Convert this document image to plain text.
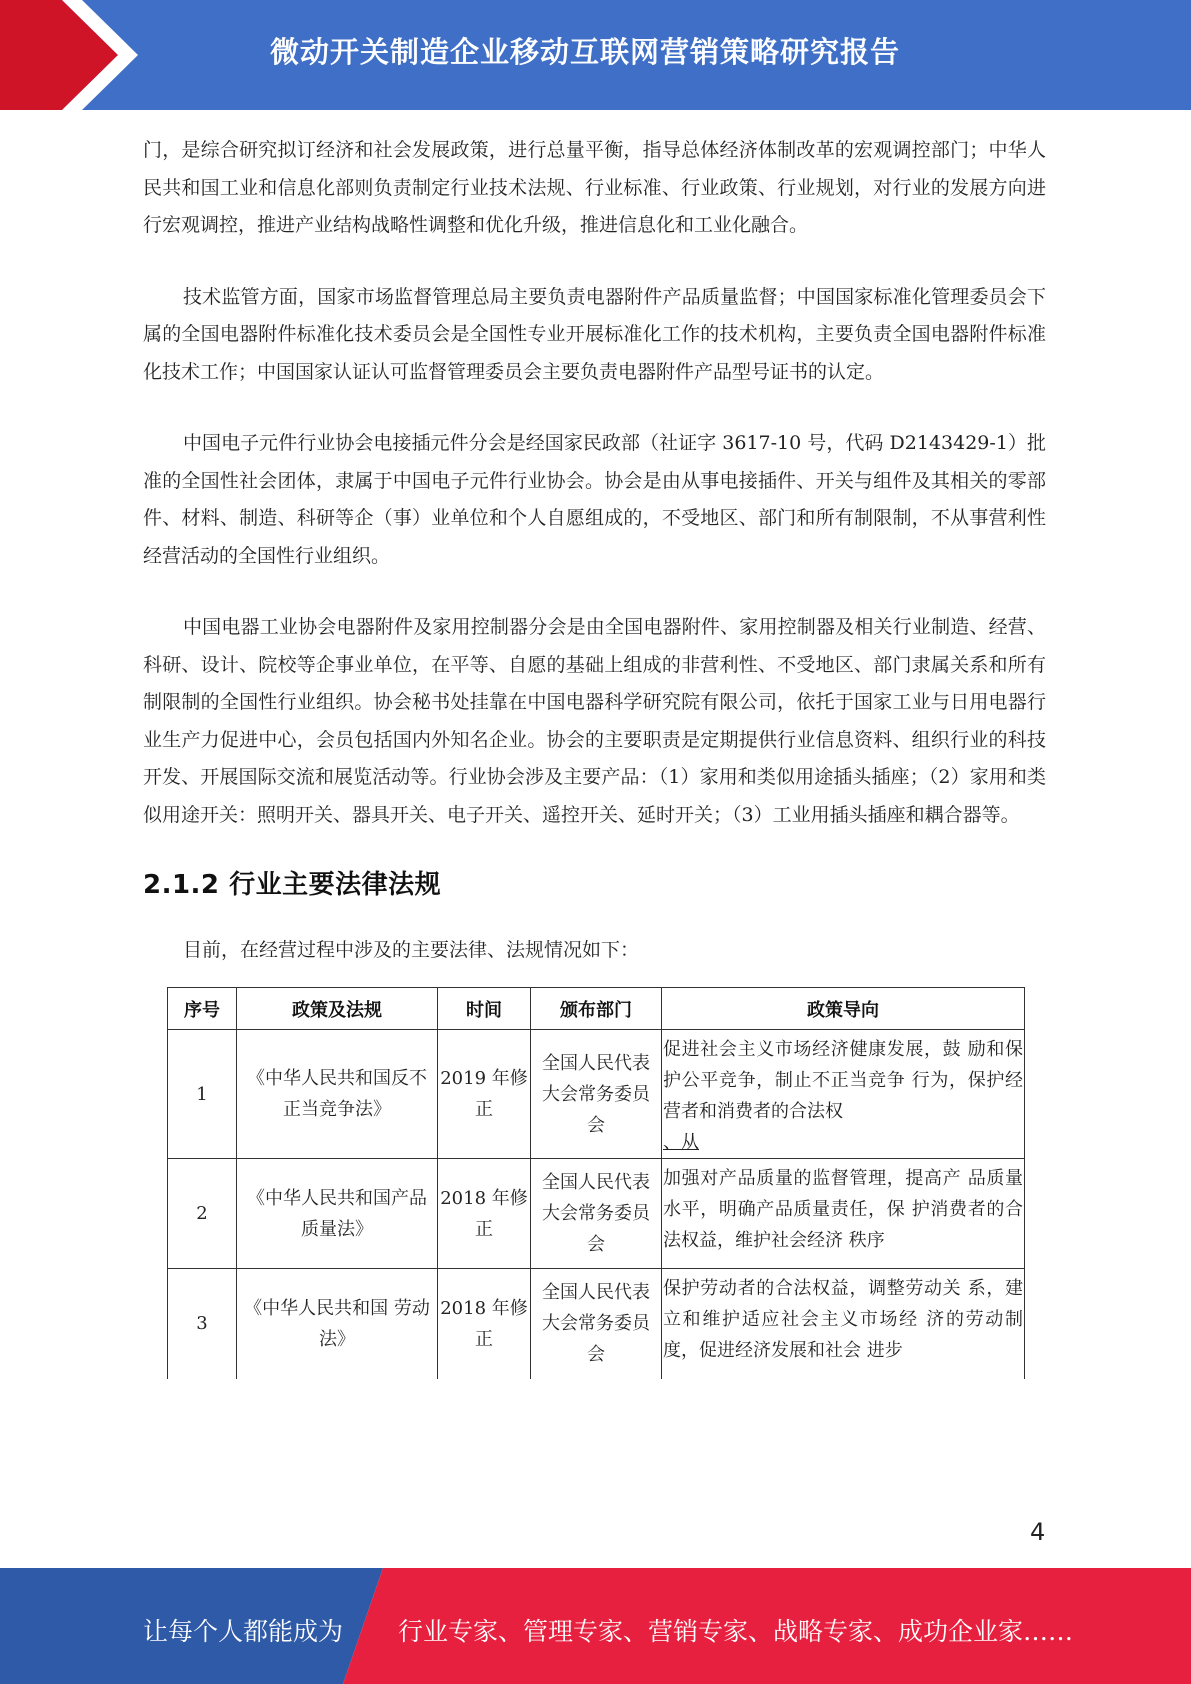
微动开关制造企业移动互联网营销策略研究报告

门，是综合研究拟订经济和社会发展政策，进行总量平衡，指导总体经济体制改革的宏观调控部门；中华人民共和国工业和信息化部则负责制定行业技术法规、行业标准、行业政策、行业规划，对行业的发展方向进行宏观调控，推进产业结构战略性调整和优化升级，推进信息化和工业化融合。

技术监管方面，国家市场监督管理总局主要负责电器附件产品质量监督；中国国家标准化管理委员会下属的全国电器附件标准化技术委员会是全国性专业开展标准化工作的技术机构，主要负责全国电器附件标准化技术工作；中国国家认证认可监督管理委员会主要负责电器附件产品型号证书的认定。

中国电子元件行业协会电接插元件分会是经国家民政部（社证字 3617-10 号，代码 D2143429-1）批准的全国性社会团体，隶属于中国电子元件行业协会。协会是由从事电接插件、开关与组件及其相关的零部件、材料、制造、科研等企（事）业单位和个人自愿组成的，不受地区、部门和所有制限制，不从事营利性经营活动的全国性行业组织。

中国电器工业协会电器附件及家用控制器分会是由全国电器附件、家用控制器及相关行业制造、经营、科研、设计、院校等企事业单位，在平等、自愿的基础上组成的非营利性、不受地区、部门隶属关系和所有制限制的全国性行业组织。协会秘书处挂靠在中国电器科学研究院有限公司，依托于国家工业与日用电器行业生产力促进中心，会员包括国内外知名企业。协会的主要职责是定期提供行业信息资料、组织行业的科技开发、开展国际交流和展览活动等。行业协会涉及主要产品：（1）家用和类似用途插头插座；（2）家用和类似用途开关：照明开关、器具开关、电子开关、遥控开关、延时开关；（3）工业用插头插座和耦合器等。

2.1.2 行业主要法律法规

目前，在经营过程中涉及的主要法律、法规情况如下：

序号	政策及法规	时间	颁布部门	政策导向
1	《中华人民共和国反不正当竞争法》	2019 年修正	全国人民代表大会常务委员会	促进社会主义市场经济健康发展，鼓 励和保护公平竞争，制止不正当竞争 行为，保护经营者和消费者的合法权
、从
2	《中华人民共和国产品质量法》	2018 年修正	全国人民代表大会常务委员会	加强对产品质量的监督管理，提高产 品质量水平，明确产品质量责任，保 护消费者的合法权益，维护社会经济 秩序
3	《中华人民共和国 劳动法》	2018 年修正	全国人民代表大会常务委员会	保护劳动者的合法权益，调整劳动关 系，建立和维护适应社会主义市场经 济的劳动制度，促进经济发展和社会 进步
4
让每个人都能成为 行业专家、管理专家、营销专家、战略专家、成功企业家……
